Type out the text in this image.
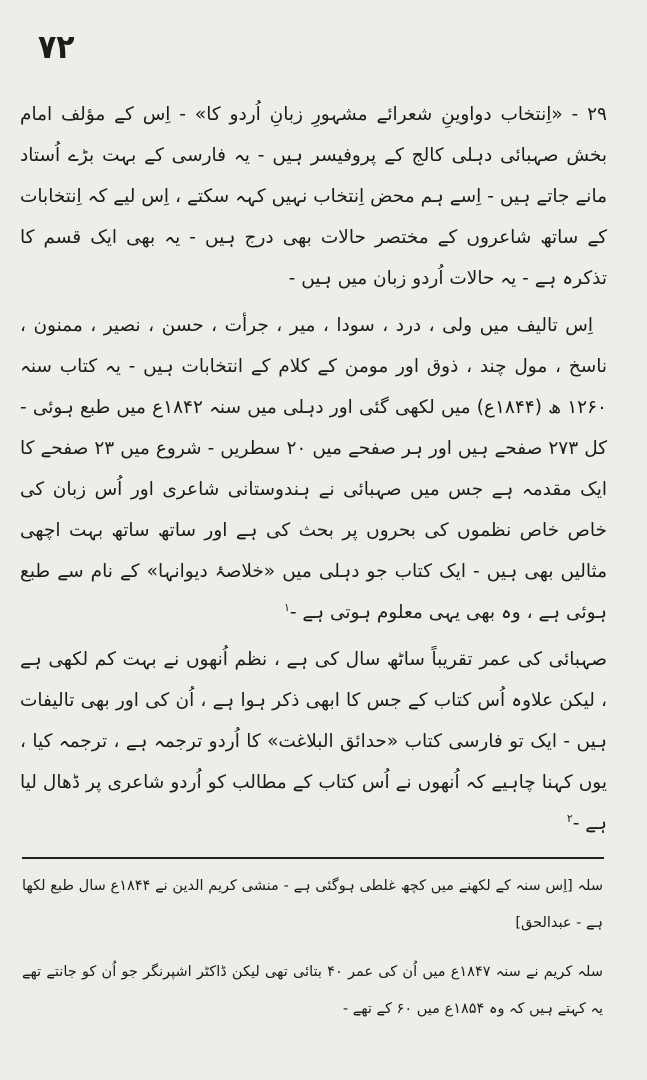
۷۲

۲۹ - «اِنتخاب دواوینِ شعرائے مشہورِ زبانِ اُردو کا» - اِس کے مؤلف امام بخش صہبائی دہلی کالج کے پروفیسر ہیں - یہ فارسی کے بہت بڑے اُستاد مانے جاتے ہیں - اِسے ہم محض اِنتخاب نہیں کہہ سکتے ، اِس لیے کہ اِنتخابات کے ساتھ شاعروں کے مختصر حالات بھی درج ہیں - یہ بھی ایک قسم کا تذکرہ ہے - یہ حالات اُردو زبان میں ہیں -

اِس تالیف میں ولی ، درد ، سودا ، میر ، جرأت ، حسن ، نصیر ، ممنون ، ناسخ ، مول چند ، ذوق اور مومن کے کلام کے انتخابات ہیں - یہ کتاب سنہ ۱۲۶۰ ھ (۱۸۴۴ع) میں لکھی گئی اور دہلی میں سنہ ۱۸۴۲ع میں طبع ہوئی - کل ۲۷۳ صفحے ہیں اور ہر صفحے میں ۲۰ سطریں - شروع میں ۲۳ صفحے کا ایک مقدمہ ہے جس میں صہبائی نے ہندوستانی شاعری اور اُس زبان کی خاص خاص نظموں کی بحروں پر بحث کی ہے اور ساتھ ساتھ بہت اچھی مثالیں بھی ہیں - ایک کتاب جو دہلی میں «خلاصۂ دیوانہا» کے نام سے طبع ہوئی ہے ، وہ بھی یہی معلوم ہوتی ہے -$^۱$

صہبائی کی عمر تقریباً ساٹھ سال کی ہے ، نظم اُنھوں نے بہت کم لکھی ہے ، لیکن علاوہ اُس کتاب کے جس کا ابھی ذکر ہوا ہے ، اُن کی اور بھی تالیفات ہیں - ایک تو فارسی کتاب «حدائق البلاغت» کا اُردو ترجمہ ہے ، ترجمہ کیا ، یوں کہنا چاہیے کہ اُنھوں نے اُس کتاب کے مطالب کو اُردو شاعری پر ڈھال لیا ہے -$^۲$

سلہ [اِس سنہ کے لکھنے میں کچھ غلطی ہوگئی ہے - منشی کریم الدین نے ۱۸۴۴ع سال طبع لکھا ہے - عبدالحق]

سلہ کریم نے سنہ ۱۸۴۷ع میں اُن کی عمر ۴۰ بتائی تھی لیکن ڈاکٹر اشپرنگر جو اُن کو جانتے تھے یہ کہتے ہیں کہ وہ ۱۸۵۴ع میں ۶۰ کے تھے -
